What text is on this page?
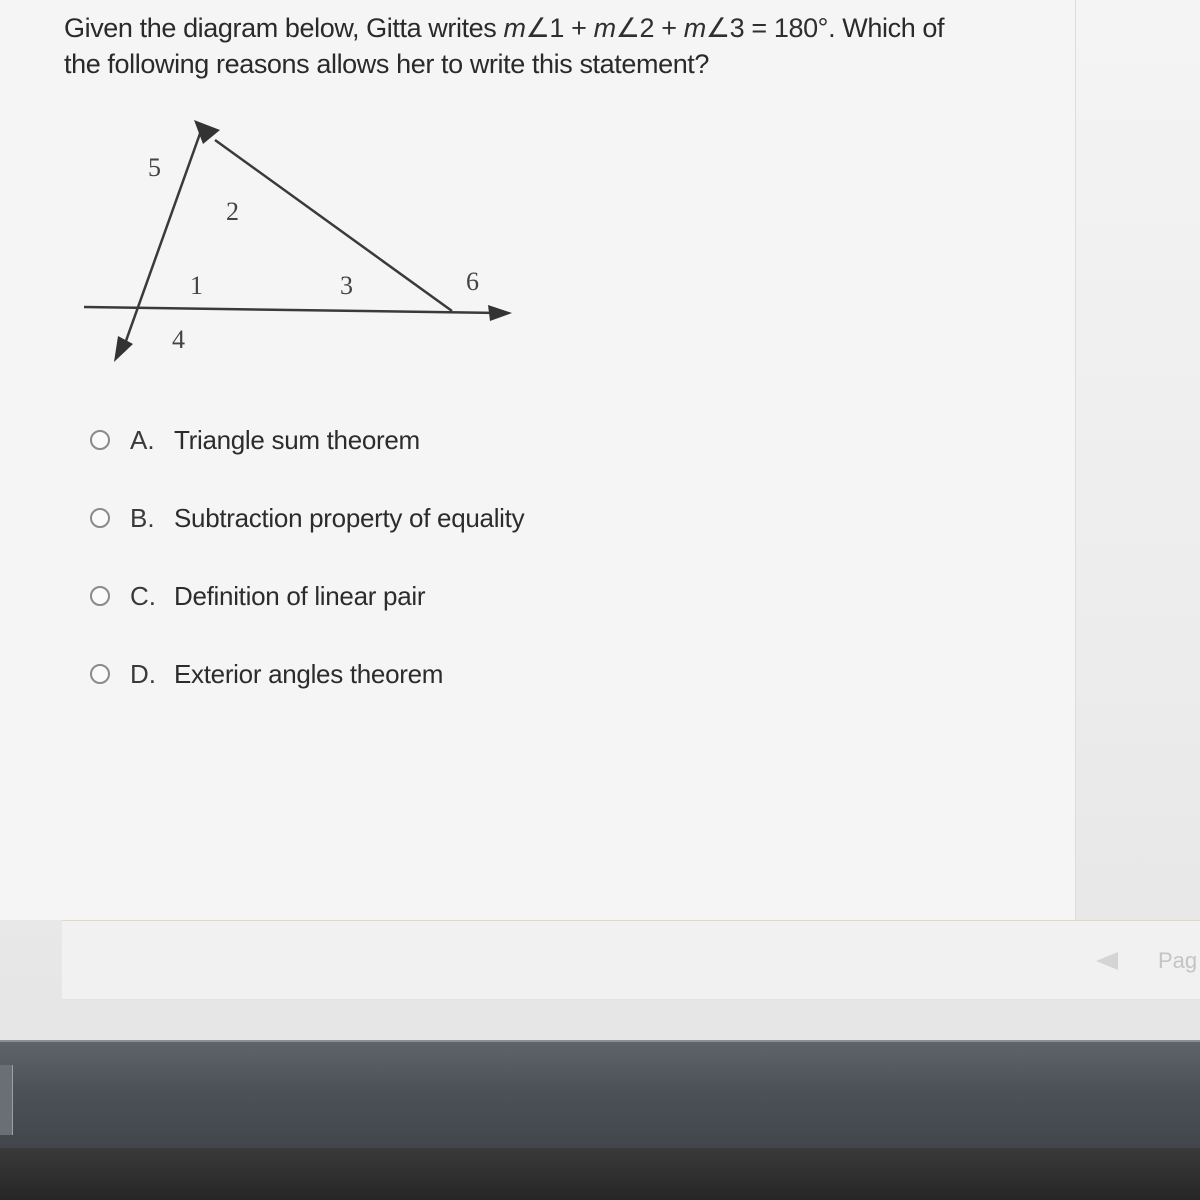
Given the diagram below, Gitta writes m∠1 + m∠2 + m∠3 = 180°. Which of
the following reasons allows her to write this statement?
5
2
1	3	6
4
A. Triangle sum theorem
B. Subtraction property of equality
C. Definition of linear pair
D. Exterior angles theorem
Pag
